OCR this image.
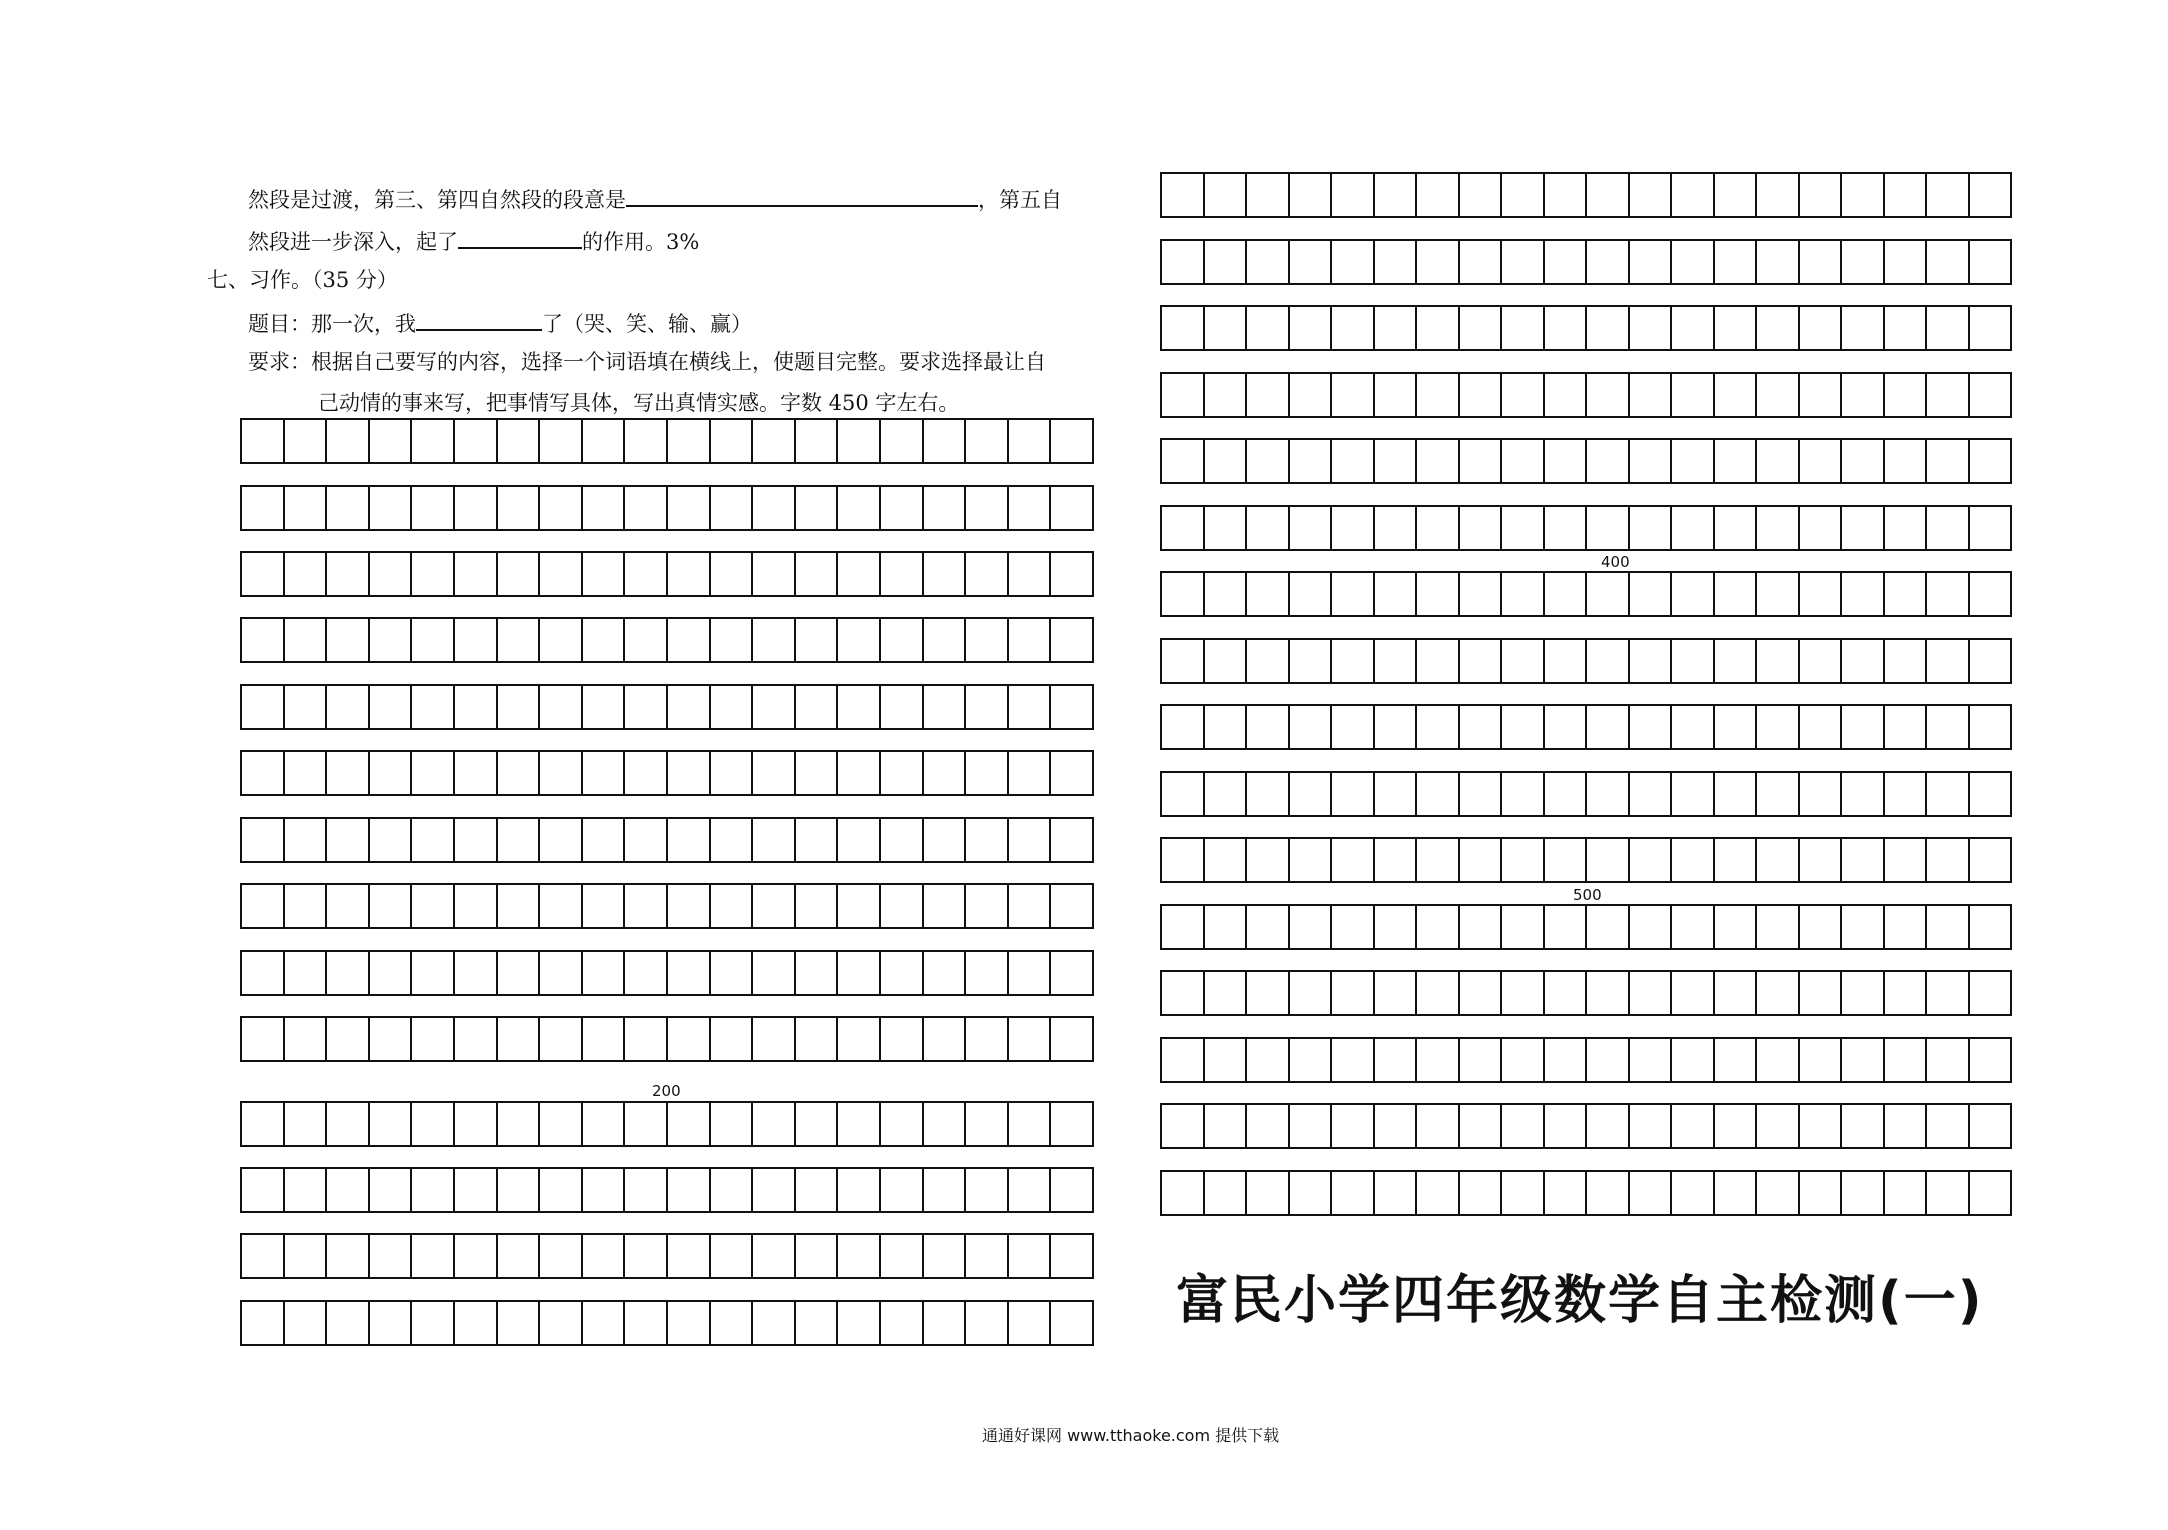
然段是过渡，第三、第四自然段的段意是	，第五自
然段进一步深入，起了	的作用。3%
七、习作。（35 分）
题目：那一次，我	了（哭、笑、输、赢）
要求：根据自己要写的内容，选择一个词语填在横线上，使题目完整。要求选择最让自
己动情的事来写，把事情写具体，写出真情实感。字数 450 字左右。
200
400
500
富民小学四年级数学自主检测(一)
通通好课网 www.tthaoke.com 提供下载
